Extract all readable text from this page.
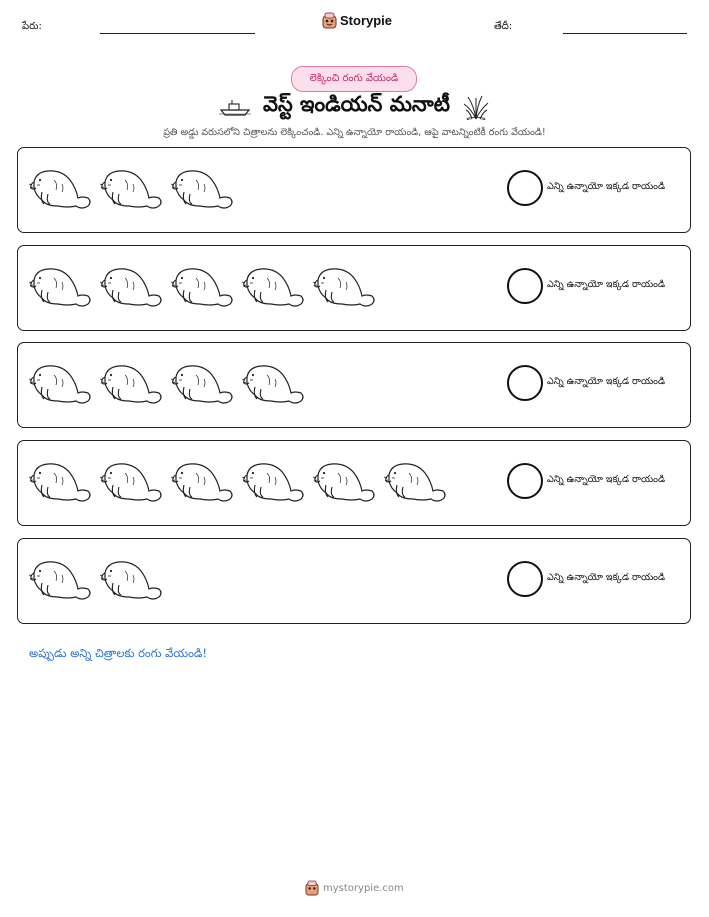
పేరు:	తేదీ:
Storypie
లెక్కించి రంగు వేయండి
వెస్ట్ ఇండియన్ మనాటీ
ప్రతి అడ్డు వరుసలోని చిత్రాలను లెక్కించండి. ఎన్ని ఉన్నాయో రాయండి, ఆపై వాటన్నింటికీ రంగు వేయండి!
ఎన్ని ఉన్నాయో ఇక్కడ రాయండి
ఎన్ని ఉన్నాయో ఇక్కడ రాయండి
ఎన్ని ఉన్నాయో ఇక్కడ రాయండి
ఎన్ని ఉన్నాయో ఇక్కడ రాయండి
ఎన్ని ఉన్నాయో ఇక్కడ రాయండి
అప్పుడు అన్ని చిత్రాలకు రంగు వేయండి!
mystorypie.com
